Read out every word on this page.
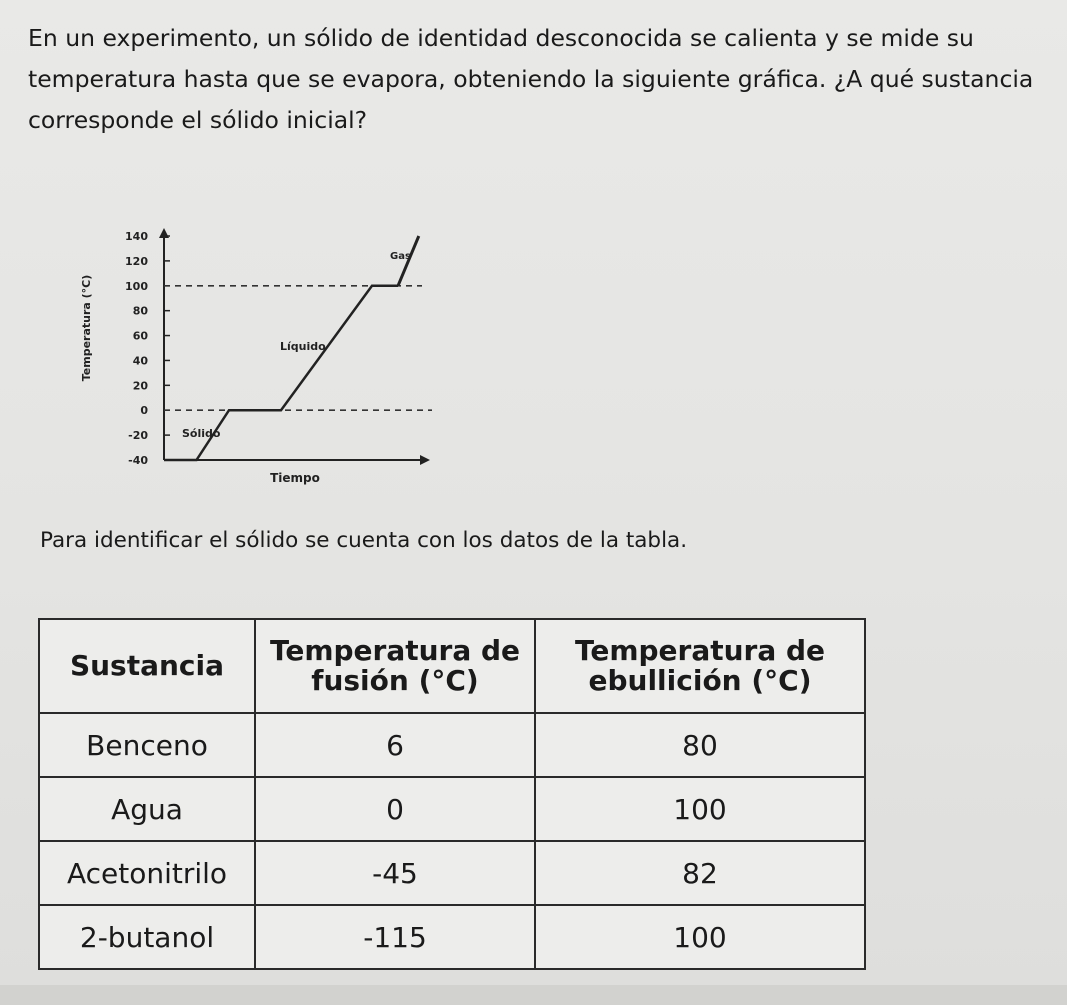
En un experimento, un sólido de identidad desconocida se calienta y se mide su temperatura hasta que se evapora, obteniendo la siguiente gráfica. ¿A qué sustancia corresponde el sólido inicial?

140
120
100
80
60
40
20
0
-20
-40
Temperatura (°C)
Tiempo
Sólido
Líquido
Gas

Para identificar el sólido se cuenta con los datos de la tabla.

Sustancia	Temperatura de fusión (°C)	Temperatura de ebullición (°C)
Benceno	6	80
Agua	0	100
Acetonitrilo	-45	82
2-butanol	-115	100
